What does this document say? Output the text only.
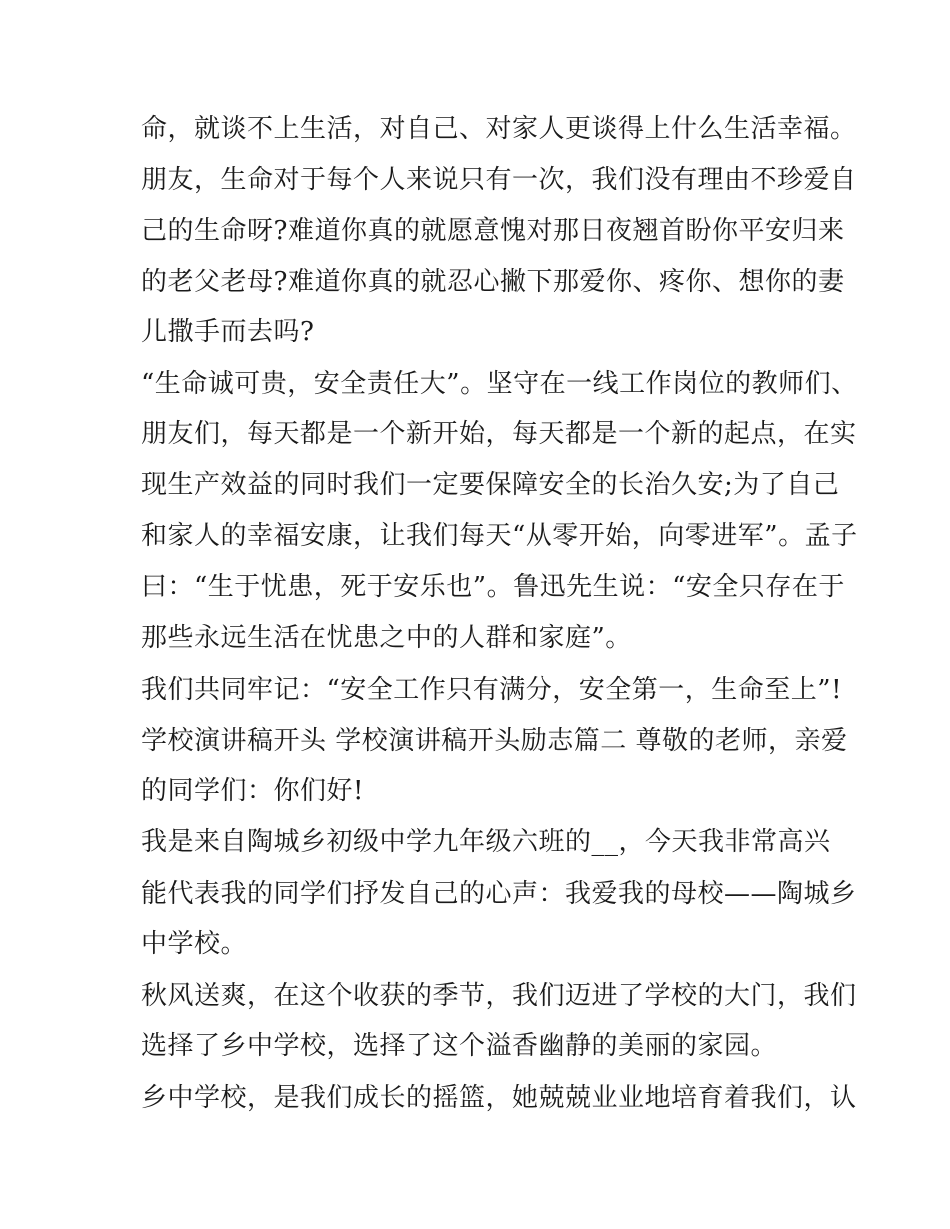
命，就谈不上生活，对自己、对家人更谈得上什么生活幸福。
朋友，生命对于每个人来说只有一次，我们没有理由不珍爱自
己的生命呀?难道你真的就愿意愧对那日夜翘首盼你平安归来
的老父老母?难道你真的就忍心撇下那爱你、疼你、想你的妻
儿撒手而去吗?
“生命诚可贵，安全责任大”。坚守在一线工作岗位的教师们、
朋友们，每天都是一个新开始，每天都是一个新的起点，在实
现生产效益的同时我们一定要保障安全的长治久安;为了自己
和家人的幸福安康，让我们每天“从零开始，向零进军”。孟子
曰：“生于忧患，死于安乐也”。鲁迅先生说：“安全只存在于
那些永远生活在忧患之中的人群和家庭”。
我们共同牢记：“安全工作只有满分，安全第一，生命至上”!
学校演讲稿开头 学校演讲稿开头励志篇二 尊敬的老师，亲爱
的同学们：你们好!
我是来自陶城乡初级中学九年级六班的__，今天我非常高兴
能代表我的同学们抒发自己的心声：我爱我的母校——陶城乡
中学校。
秋风送爽，在这个收获的季节，我们迈进了学校的大门，我们
选择了乡中学校，选择了这个溢香幽静的美丽的家园。
乡中学校，是我们成长的摇篮，她兢兢业业地培育着我们，认
